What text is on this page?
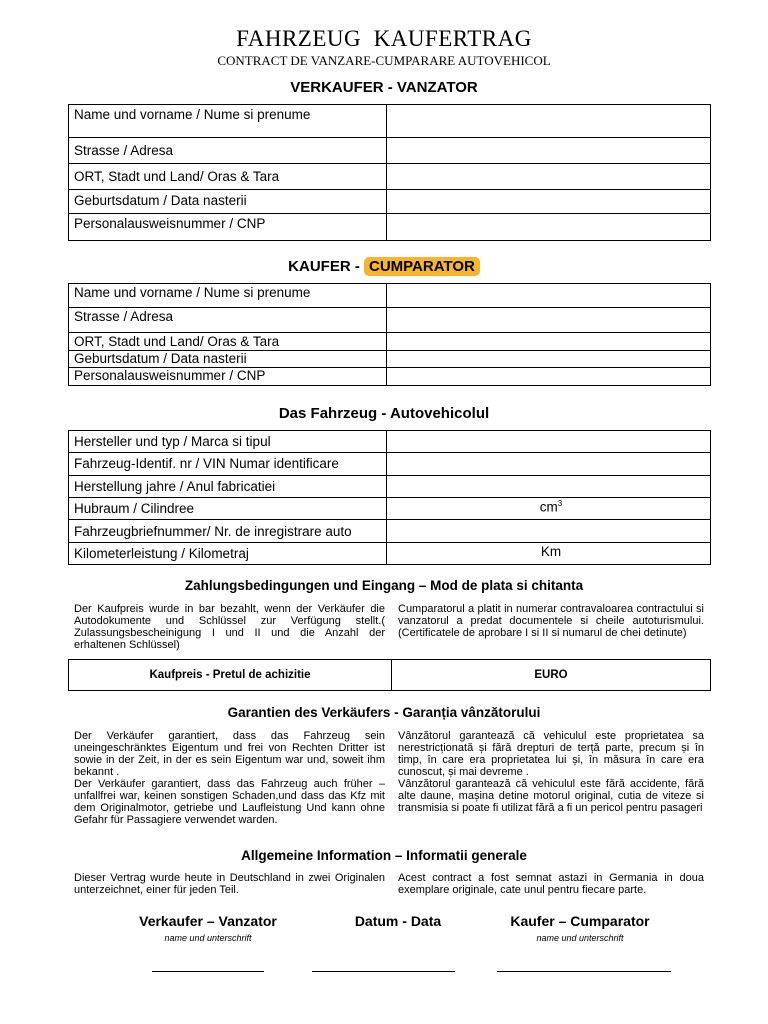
FAHRZEUG  KAUFERTRAG
CONTRACT DE VANZARE-CUMPARARE AUTOVEHICOL
VERKAUFER - VANZATOR
Name und vorname / Nume si prenume	
Strasse / Adresa	
ORT, Stadt und Land/ Oras & Tara	
Geburtsdatum / Data nasterii	
Personalausweisnummer / CNP	
KAUFER - CUMPARATOR
Name und vorname / Nume si prenume	
Strasse / Adresa	
ORT, Stadt und Land/ Oras & Tara	
Geburtsdatum / Data nasterii	
Personalausweisnummer / CNP	
Das Fahrzeug - Autovehicolul
Hersteller und typ / Marca si tipul	
Fahrzeug-Identif. nr / VIN Numar identificare	
Herstellung jahre / Anul fabricatiei	
Hubraum / Cilindree	$cm^3$
Fahrzeugbriefnummer/ Nr. de inregistrare auto	
Kilometerleistung / Kilometraj	Km
Zahlungsbedingungen und Eingang – Mod de plata si chitanta
Der Kaufpreis wurde in bar bezahlt, wenn der Verkäufer die Autodokumente und Schlüssel zur Verfügung stellt.( Zulassungsbescheinigung I und II und die Anzahl der erhaltenen Schlüssel)
Cumparatorul a platit in numerar contravaloarea contractului si vanzatorul a predat documentele si cheile autoturismului. (Certificatele de aprobare I si II si numarul de chei detinute)
Kaufpreis - Pretul de achizitie	EURO
Garantien des Verkäufers - Garanția vânzătorului
Der Verkäufer garantiert, dass das Fahrzeug sein uneingeschränktes Eigentum und frei von Rechten Dritter ist sowie in der Zeit, in der es sein Eigentum war und, soweit ihm bekannt .
Der Verkäufer garantiert, dass das Fahrzeug auch früher – unfallfrei war, keinen sonstigen Schaden,und dass das Kfz mit dem Originalmotor, getriebe und Laufleistung Und kann ohne Gefahr für Passagiere verwendet warden.
Vânzătorul garantează că vehiculul este proprietatea sa nerestricționată și fără drepturi de terță parte, precum și în timp, în care era proprietatea lui și, în măsura în care era cunoscut, și mai devreme .
Vânzătorul garantează că vehiculul este fără accidente, fără alte daune, mașina detine motorul original, cutia de viteze si transmisia si poate fi utilizat fără a fi un pericol pentru pasageri
Allgemeine Information – Informatii generale
Dieser Vertrag wurde heute in Deutschland in zwei Originalen unterzeichnet, einer für jeden Teil.
Acest contract a fost semnat astazi in Germania in doua exemplare originale, cate unul pentru fiecare parte.
Verkaufer – Vanzator
name und unterschrift
Datum - Data	Kaufer – Cumparator
name und unterschrift
